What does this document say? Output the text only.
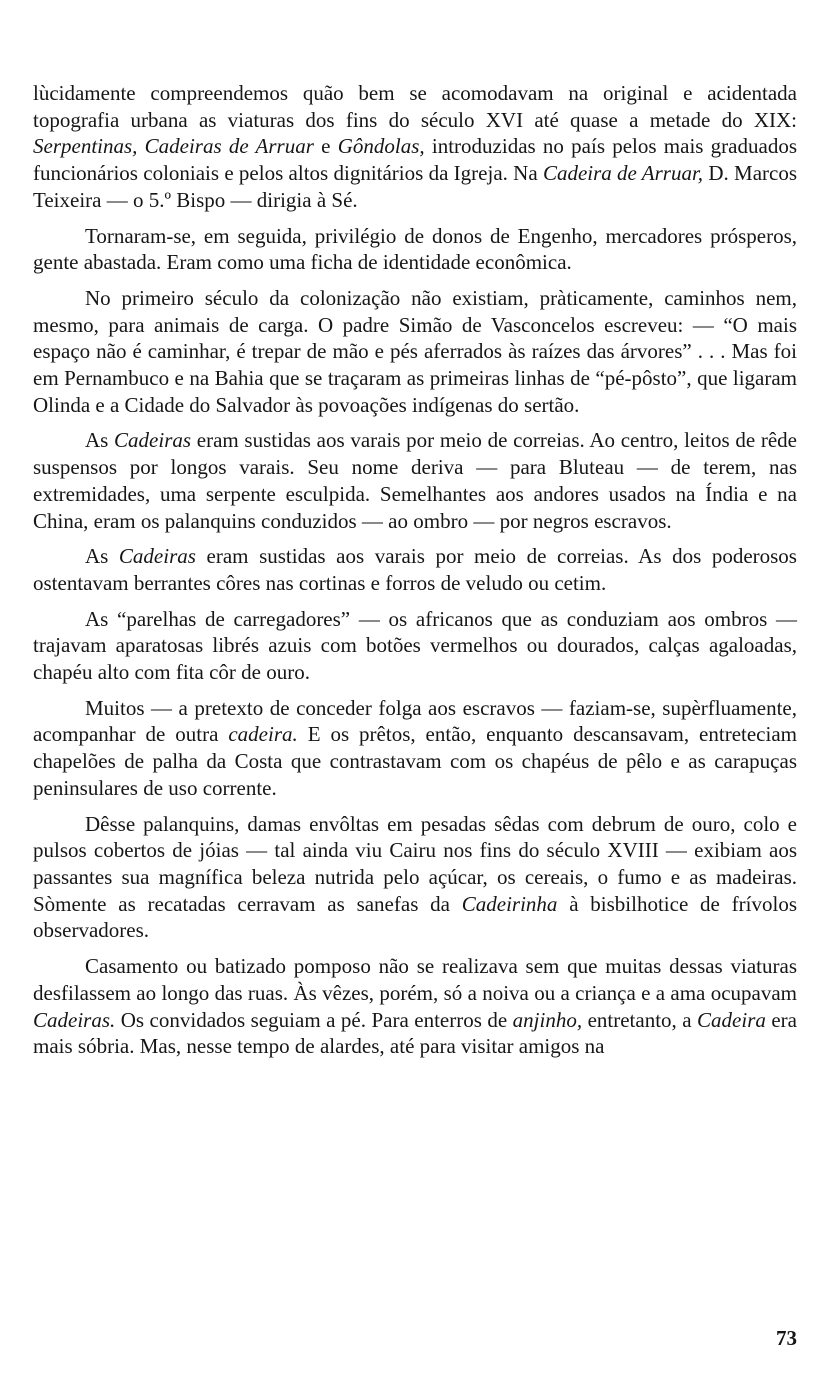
lùcidamente compreendemos quão bem se acomodavam na original e acidentada topografia urbana as viaturas dos fins do século XVI até quase a metade do XIX: Serpentinas, Cadeiras de Arruar e Gôndolas, introduzidas no país pelos mais graduados funcionários coloniais e pelos altos dignitários da Igreja. Na Cadeira de Arruar, D. Marcos Teixeira — o 5.º Bispo — dirigia à Sé.

Tornaram-se, em seguida, privilégio de donos de Engenho, mercadores prósperos, gente abastada. Eram como uma ficha de identidade econômica.

No primeiro século da colonização não existiam, pràticamente, caminhos nem, mesmo, para animais de carga. O padre Simão de Vasconcelos escreveu: — “O mais espaço não é caminhar, é trepar de mão e pés aferrados às raízes das árvores” . . . Mas foi em Pernambuco e na Bahia que se traçaram as primeiras linhas de “pé-pôsto”, que ligaram Olinda e a Cidade do Salvador às povoações indígenas do sertão.

As Cadeiras eram sustidas aos varais por meio de correias. Ao centro, leitos de rêde suspensos por longos varais. Seu nome deriva — para Bluteau — de terem, nas extremidades, uma serpente esculpida. Semelhantes aos andores usados na Índia e na China, eram os palanquins conduzidos — ao ombro — por negros escravos.

As Cadeiras eram sustidas aos varais por meio de correias. As dos poderosos ostentavam berrantes côres nas cortinas e forros de veludo ou cetim.

As “parelhas de carregadores” — os africanos que as conduziam aos ombros — trajavam aparatosas librés azuis com botões vermelhos ou dourados, calças agaloadas, chapéu alto com fita côr de ouro.

Muitos — a pretexto de conceder folga aos escravos — faziam-se, supèrfluamente, acompanhar de outra cadeira. E os prêtos, então, enquanto descansavam, entreteciam chapelões de palha da Costa que contrastavam com os chapéus de pêlo e as carapuças peninsulares de uso corrente.

Dêsse palanquins, damas envôltas em pesadas sêdas com debrum de ouro, colo e pulsos cobertos de jóias — tal ainda viu Cairu nos fins do século XVIII — exibiam aos passantes sua magnífica beleza nutrida pelo açúcar, os cereais, o fumo e as madeiras. Sòmente as recatadas cerravam as sanefas da Cadeirinha à bisbilhotice de frívolos observadores.

Casamento ou batizado pomposo não se realizava sem que muitas dessas viaturas desfilassem ao longo das ruas. Às vêzes, porém, só a noiva ou a criança e a ama ocupavam Cadeiras. Os convidados seguiam a pé. Para enterros de anjinho, entretanto, a Cadeira era mais sóbria. Mas, nesse tempo de alardes, até para visitar amigos na

73
